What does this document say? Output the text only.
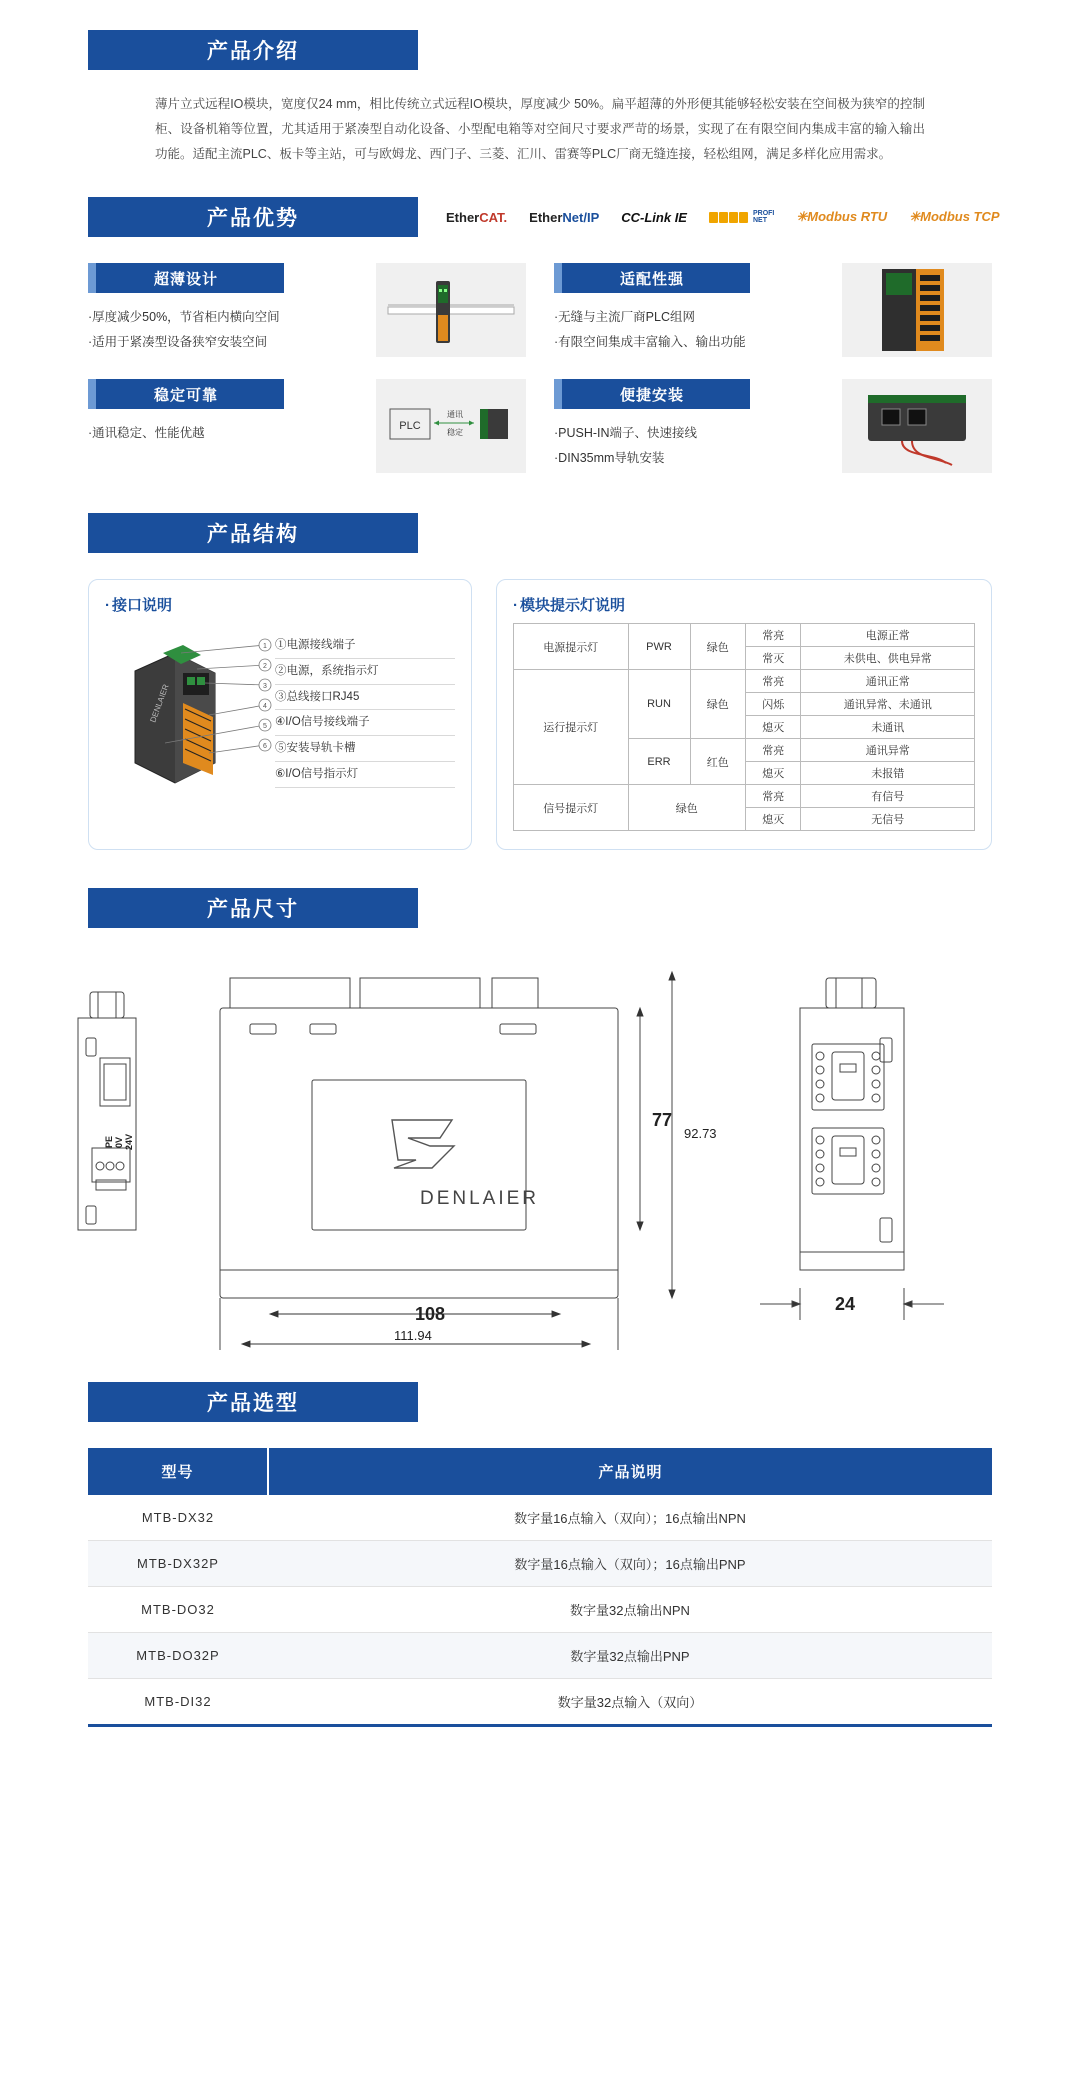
产品介绍

薄片立式远程IO模块，宽度仅24 mm，相比传统立式远程IO模块，厚度减少 50%。扁平超薄的外形便其能够轻松安装在空间极为狭窄的控制柜、设备机箱等位置，尤其适用于紧凑型自动化设备、小型配电箱等对空间尺寸要求严苛的场景，实现了在有限空间内集成丰富的输入输出功能。适配主流PLC、板卡等主站，可与欧姆龙、西门子、三菱、汇川、雷赛等PLC厂商无缝连接，轻松组网，满足多样化应用需求。

产品优势	EtherCAT. EtherNet/IP CC-Link IE	PROFI
NET	✳Modbus RTU ✳Modbus TCP
超薄设计
·厚度减少50%，节省柜内横向空间
·适用于紧凑型设备狭窄安装空间
适配性强
·无缝与主流厂商PLC组网
·有限空间集成丰富输入、输出功能
稳定可靠
·通讯稳定、性能优越	PLC
通讯
稳定
便捷安装
·PUSH-IN端子、快速接线
·DIN35mm导轨安装
产品结构
· 接口说明
DENLAIER
1
2
3
4
5
6
①电源接线端子
②电源，系统指示灯
③总线接口RJ45
④I/O信号接线端子
⑤安装导轨卡槽
⑥I/O信号指示灯
· 模块提示灯说明
电源提示灯	PWR	绿色	常亮	电源正常
			常灭	未供电、供电异常
运行提示灯	RUN	绿色	常亮	通讯正常
			闪烁	通讯异常、未通讯
			熄灭	未通讯
	ERR	红色	常亮	通讯异常
			熄灭	未报错
信号提示灯	绿色		常亮	有信号
			熄灭	无信号
产品尺寸
PE 0V 24V
DENLAIER
77
92.73
108
111.94
24
产品选型
型号	产品说明
MTB-DX32	数字量16点输入（双向）；16点输出NPN
MTB-DX32P	数字量16点输入（双向）；16点输出PNP
MTB-DO32	数字量32点输出NPN
MTB-DO32P	数字量32点输出PNP
MTB-DI32	数字量32点输入（双向）
